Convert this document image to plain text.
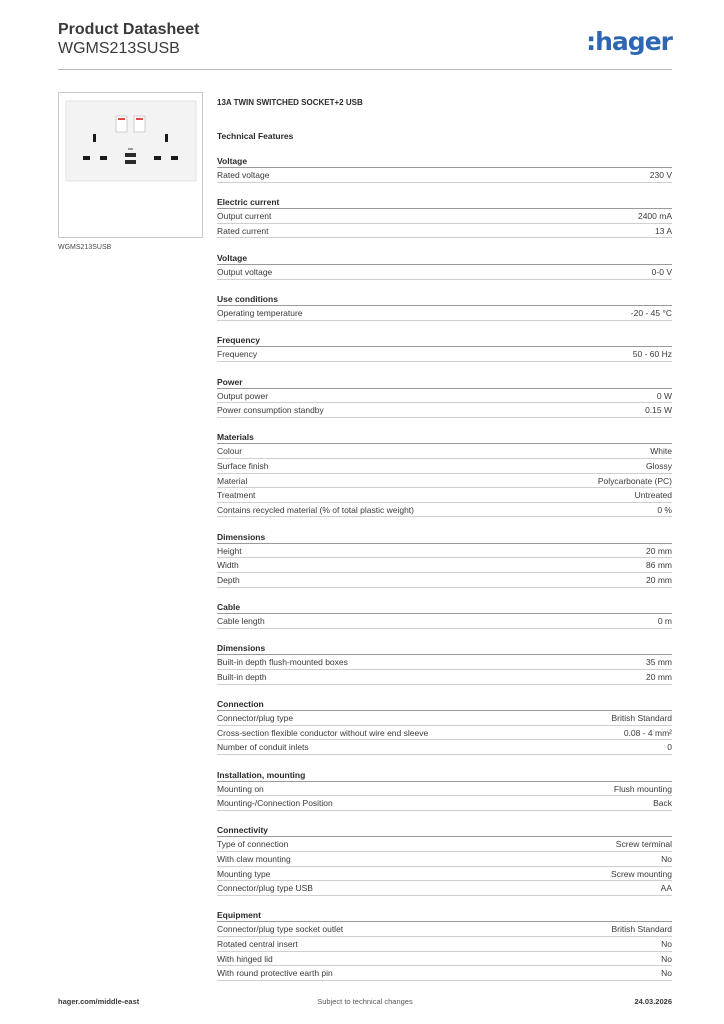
Product Datasheet
WGMS213SUSB	:hager
WGMS213SUSB
13A TWIN SWITCHED SOCKET+2 USB
Technical Features
Voltage
Rated voltage	230 V
Electric current
Output current	2400 mA
Rated current	13 A
Voltage
Output voltage	0-0 V
Use conditions
Operating temperature	-20 - 45 °C
Frequency
Frequency	50 - 60 Hz
Power
Output power	0 W
Power consumption standby	0.15 W
Materials
Colour	White
Surface finish	Glossy
Material	Polycarbonate (PC)
Treatment	Untreated
Contains recycled material (% of total plastic weight)	0 %
Dimensions
Height	20 mm
Width	86 mm
Depth	20 mm
Cable
Cable length	0 m
Dimensions
Built-in depth flush-mounted boxes	35 mm
Built-in depth	20 mm
Connection
Connector/plug type	British Standard
Cross-section flexible conductor without wire end sleeve	0.08 - 4 mm²
Number of conduit inlets	0
Installation, mounting
Mounting on	Flush mounting
Mounting-/Connection Position	Back
Connectivity
Type of connection	Screw terminal
With claw mounting	No
Mounting type	Screw mounting
Connector/plug type USB	AA
Equipment
Connector/plug type socket outlet	British Standard
Rotated central insert	No
With hinged lid	No
With round protective earth pin	No
hager.com/middle-east	Subject to technical changes	24.03.2026
